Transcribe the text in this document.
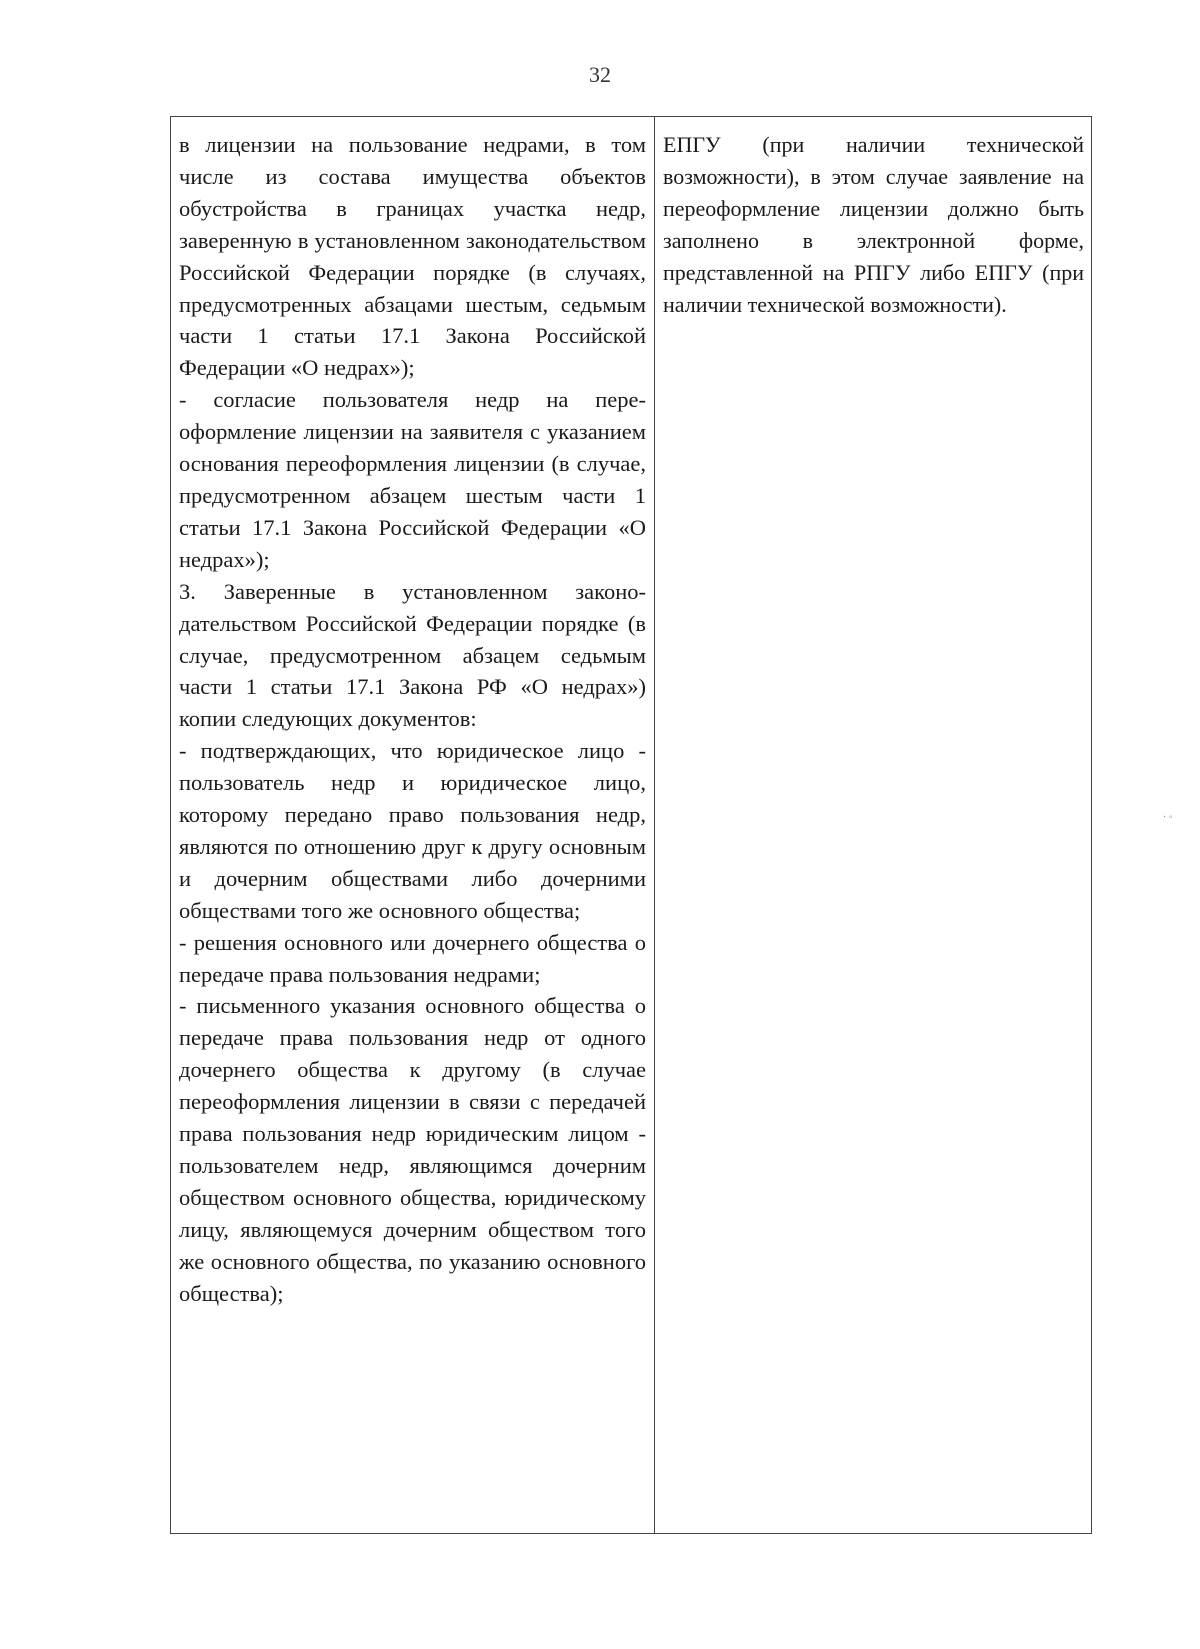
32

в лицензии на пользование недрами, в том числе из состава имущества объектов обустройства в границах участка недр, заверенную в установленном законодательством Российской Федерации порядке (в случаях, предусмотренных абзацами шестым, седьмым части 1 статьи 17.1 Закона Российской Федерации «О недрах»);

- согласие пользователя недр на переоформление лицензии на заявителя с указанием основания переоформления лицензии (в случае, предусмотренном абзацем шестым части 1 статьи 17.1 Закона Российской Федерации «О недрах»);

3. Заверенные в установленном законодательством Российской Федерации порядке (в случае, предусмотренном абзацем седьмым части 1 статьи 17.1 Закона РФ «О недрах») копии следующих документов:

- подтверждающих, что юридическое лицо - пользователь недр и юридическое лицо, которому передано право пользования недр, являются по отношению друг к другу основным и дочерним обществами либо дочерними обществами того же основного общества;

- решения основного или дочернего общества о передаче права пользования недрами;

- письменного указания основного общества о передаче права пользования недр от одного дочернего общества к другому (в случае переоформления лицензии в связи с передачей права пользования недр юридическим лицом - пользователем недр, являющимся дочерним обществом основного общества, юридическому лицу, являющемуся дочерним обществом того же основного общества, по указанию основного общества);

ЕПГУ (при наличии технической возможности), в этом случае заявление на переоформление лицензии должно быть заполнено в электронной форме, представленной на РПГУ либо ЕПГУ (при наличии технической возможности).

· ◦
